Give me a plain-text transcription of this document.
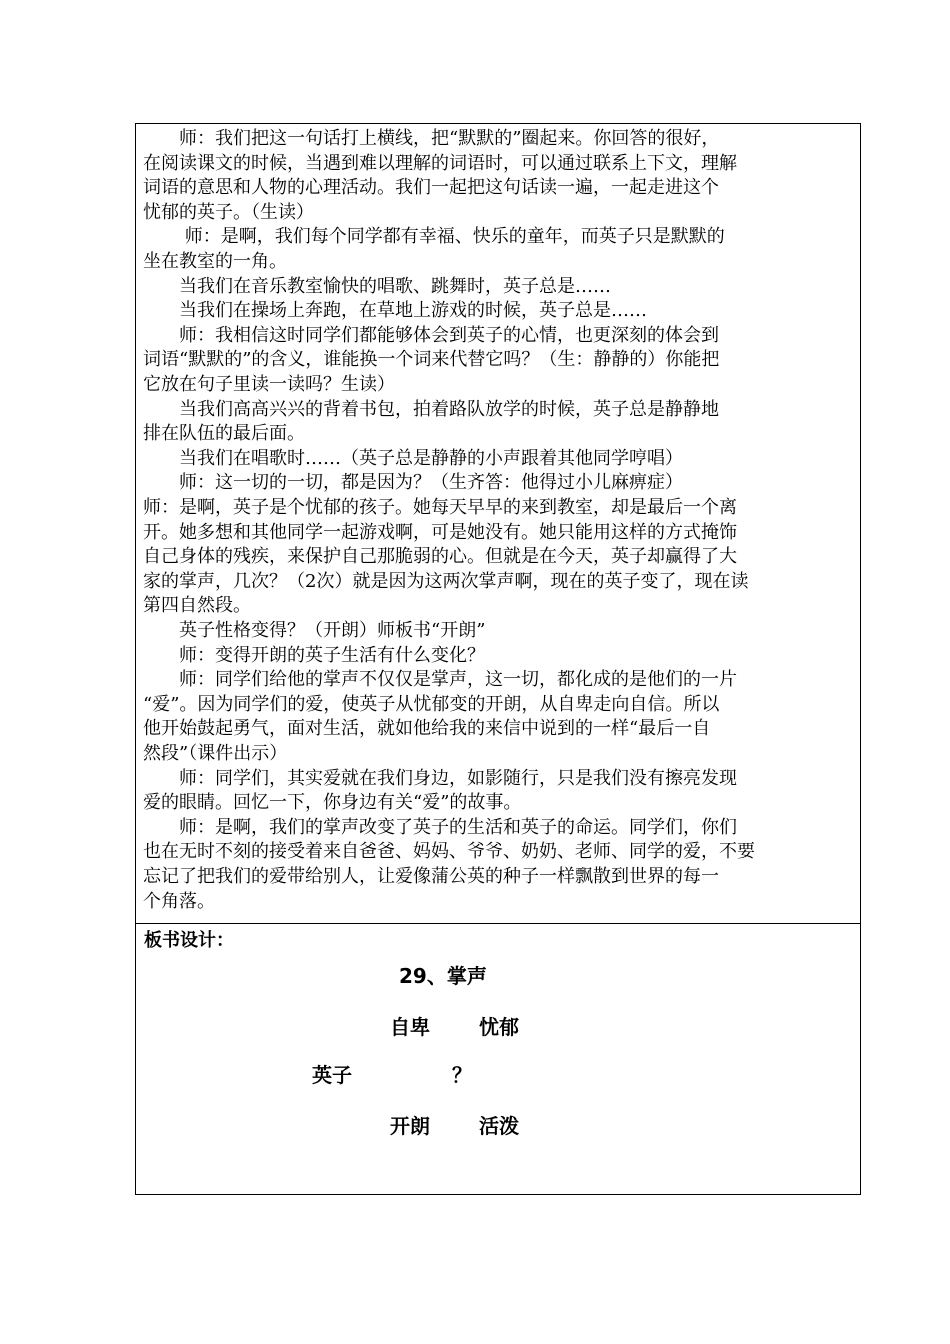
　　师：我们把这一句话打上横线，把“默默的”圈起来。你回答的很好，

在阅读课文的时候，当遇到难以理解的词语时，可以通过联系上下文，理解

词语的意思和人物的心理活动。我们一起把这句话读一遍，一起走进这个

忧郁的英子。（生读）

　　 师：是啊，我们每个同学都有幸福、快乐的童年，而英子只是默默的

坐在教室的一角。

　　当我们在音乐教室愉快的唱歌、跳舞时，英子总是……

　　当我们在操场上奔跑，在草地上游戏的时候，英子总是……

　　师：我相信这时同学们都能够体会到英子的心情，也更深刻的体会到

词语“默默的”的含义，谁能换一个词来代替它吗？（生：静静的）你能把

它放在句子里读一读吗？生读）

　　当我们高高兴兴的背着书包，拍着路队放学的时候，英子总是静静地

排在队伍的最后面。

　　当我们在唱歌时……（英子总是静静的小声跟着其他同学哼唱）

　　师：这一切的一切，都是因为？（生齐答：他得过小儿麻痹症）

师：是啊，英子是个忧郁的孩子。她每天早早的来到教室，却是最后一个离

开。她多想和其他同学一起游戏啊，可是她没有。她只能用这样的方式掩饰

自己身体的残疾，来保护自己那脆弱的心。但就是在今天，英子却赢得了大

家的掌声，几次？（2次）就是因为这两次掌声啊，现在的英子变了，现在读

第四自然段。

　　英子性格变得？（开朗）师板书“开朗”

　　师：变得开朗的英子生活有什么变化？

　　师：同学们给他的掌声不仅仅是掌声，这一切，都化成的是他们的一片

“爱”。因为同学们的爱，使英子从忧郁变的开朗，从自卑走向自信。所以

他开始鼓起勇气，面对生活，就如他给我的来信中说到的一样“最后一自

然段”（课件出示）

　　师：同学们，其实爱就在我们身边，如影随行，只是我们没有擦亮发现

爱的眼睛。回忆一下，你身边有关“爱”的故事。

　　师：是啊，我们的掌声改变了英子的生活和英子的命运。同学们，你们

也在无时不刻的接受着来自爸爸、妈妈、爷爷、奶奶、老师、同学的爱，不要

忘记了把我们的爱带给别人，让爱像蒲公英的种子一样飘散到世界的每一

个角落。

板书设计：
29、掌声
自卑 忧郁
英子	？
开朗 活泼
